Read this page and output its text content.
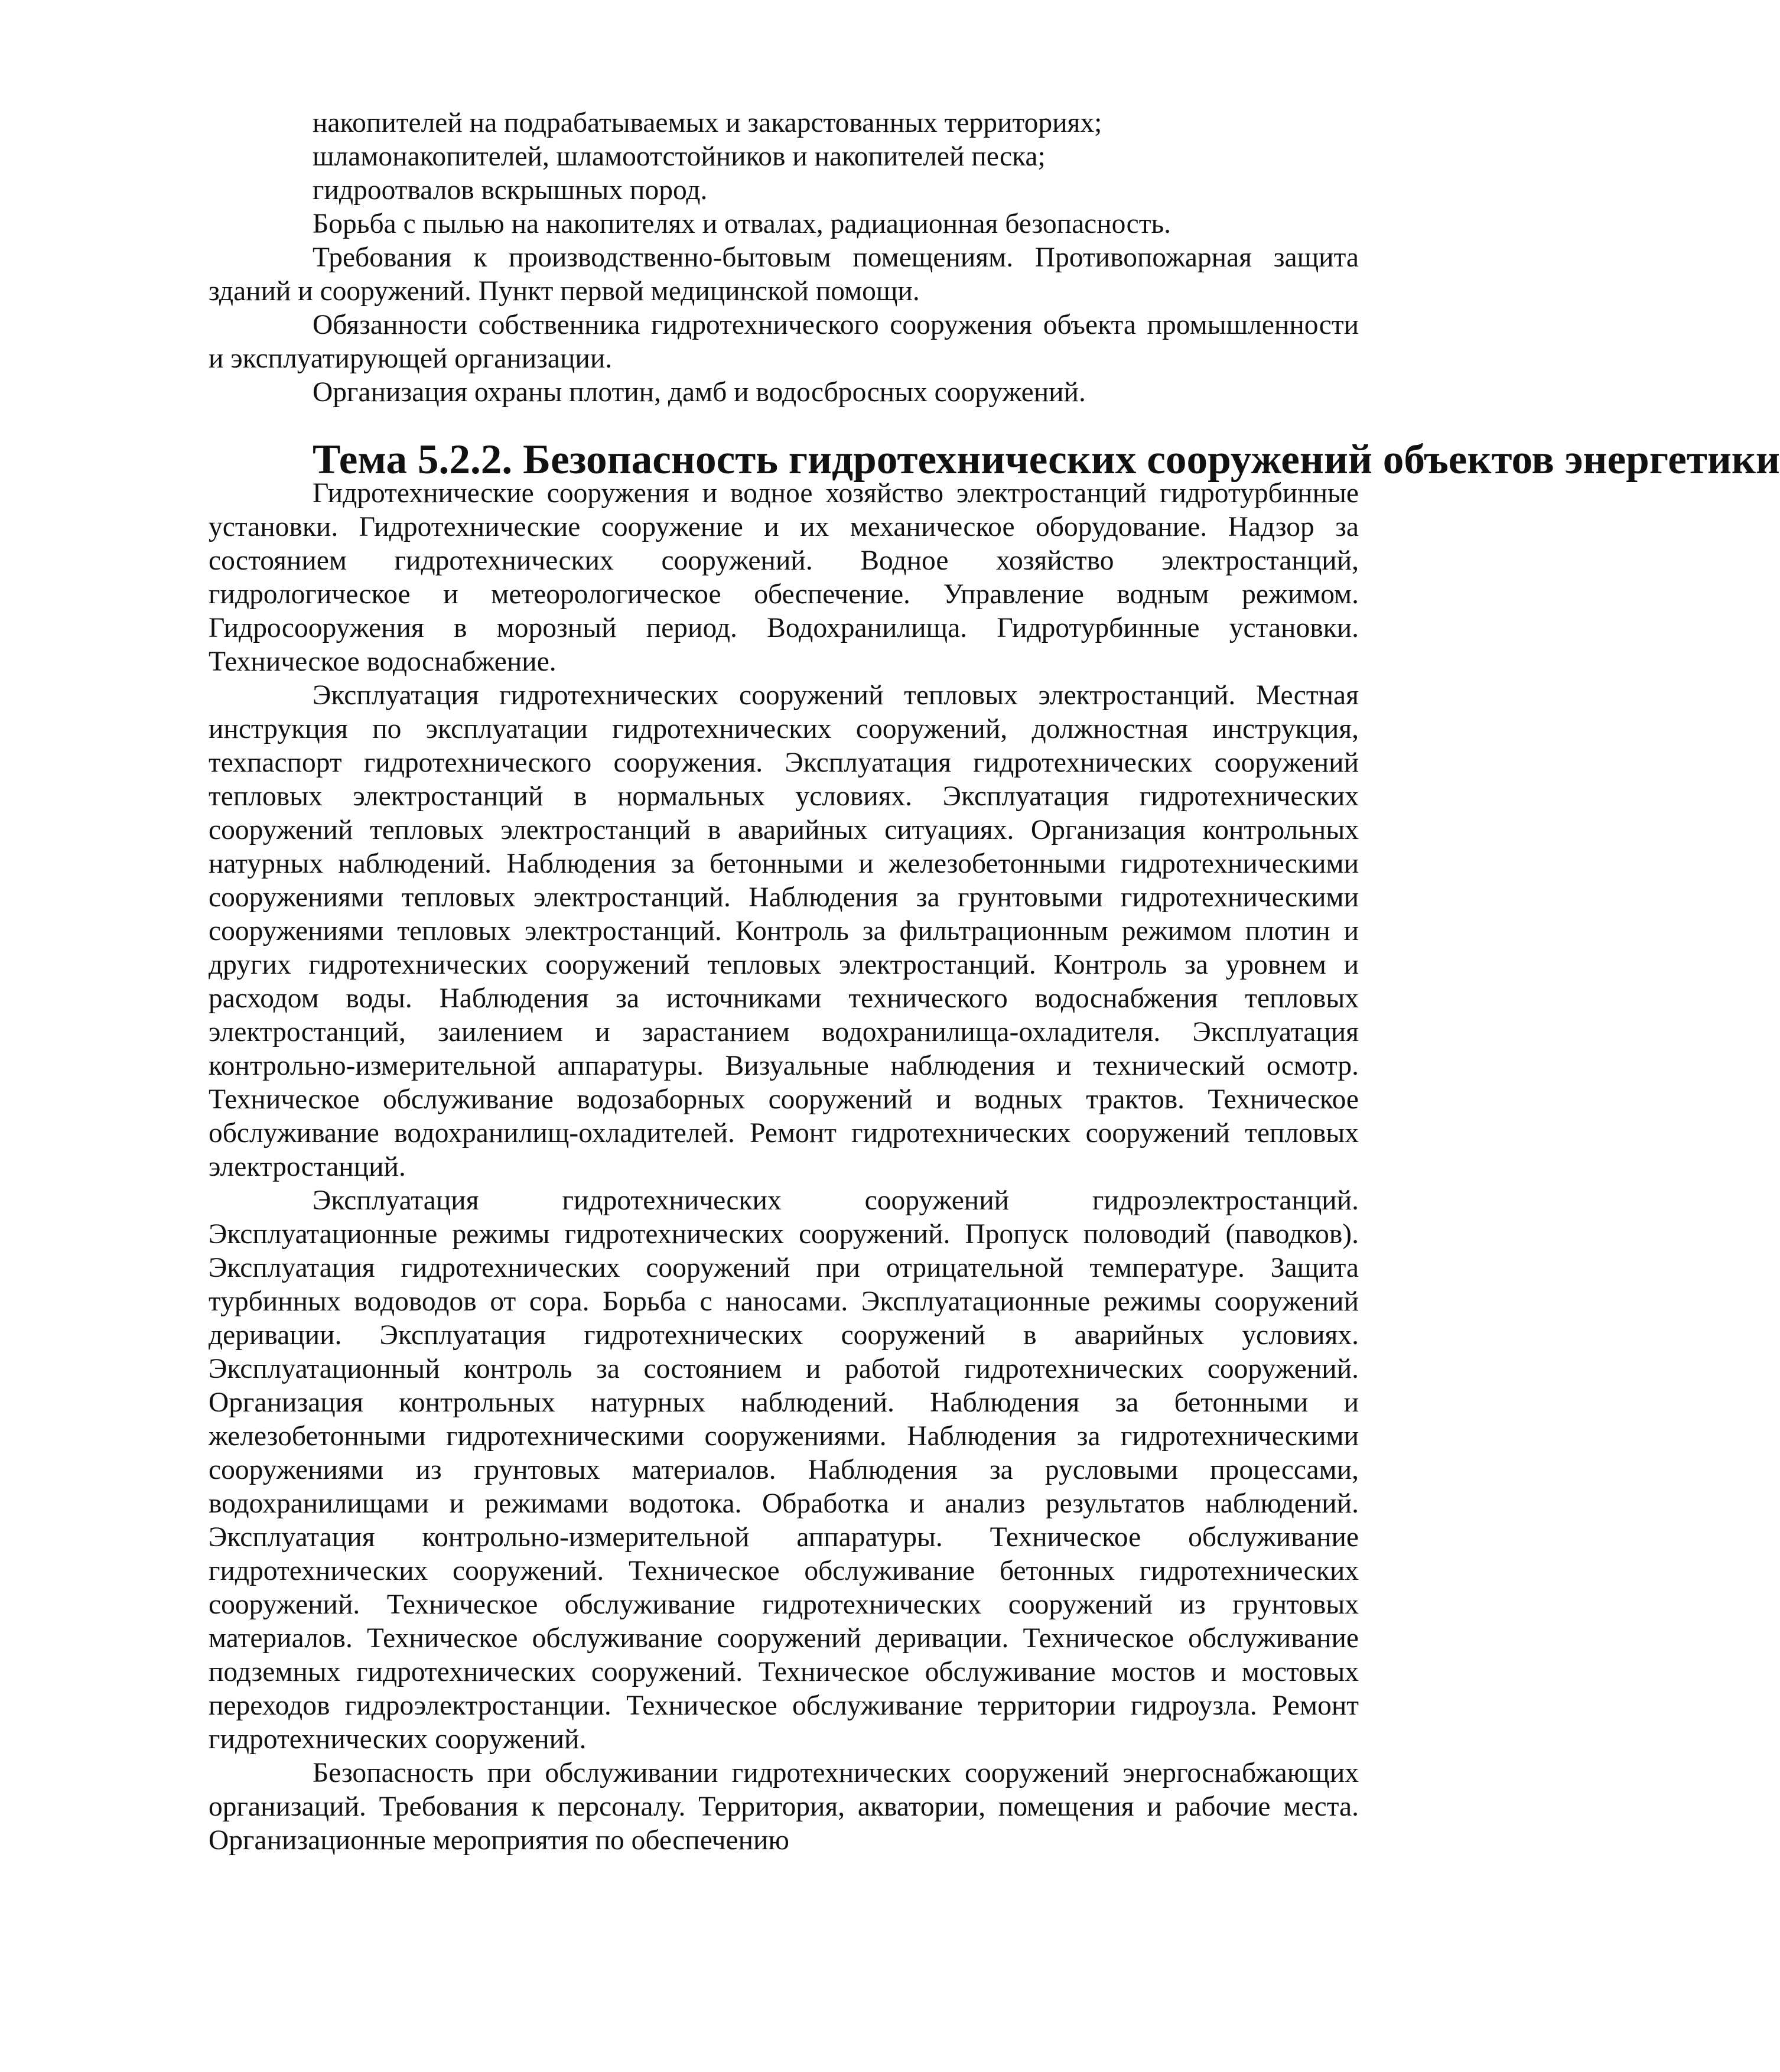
накопителей на подрабатываемых и закарстованных территориях;

шламонакопителей, шламоотстойников и накопителей песка;

гидроотвалов вскрышных пород.

Борьба с пылью на накопителях и отвалах, радиационная безопасность.

Требования к производственно-бытовым помещениям. Противопожарная защита зданий и сооружений. Пункт первой медицинской помощи.

Обязанности собственника гидротехнического сооружения объекта промышленности и эксплуатирующей организации.

Организация охраны плотин, дамб и водосбросных сооружений.

Тема 5.2.2. Безопасность гидротехнических сооружений объектов энергетики

Гидротехнические сооружения и водное хозяйство электростанций гидротурбинные установки. Гидротехнические сооружение и их механическое оборудование. Надзор за состоянием гидротехнических сооружений. Водное хозяйство электростанций, гидрологическое и метеорологическое обеспечение. Управление водным режимом. Гидросооружения в морозный период. Водохранилища. Гидротурбинные установки. Техническое водоснабжение.

Эксплуатация гидротехнических сооружений тепловых электростанций. Местная инструкция по эксплуатации гидротехнических сооружений, должностная инструкция, техпаспорт гидротехнического сооружения. Эксплуатация гидротехнических сооружений тепловых электростанций в нормальных условиях. Эксплуатация гидротехнических сооружений тепловых электростанций в аварийных ситуациях. Организация контрольных натурных наблюдений. Наблюдения за бетонными и железобетонными гидротехническими сооружениями тепловых электростанций. Наблюдения за грунтовыми гидротехническими сооружениями тепловых электростанций. Контроль за фильтрационным режимом плотин и других гидротехнических сооружений тепловых электростанций. Контроль за уровнем и расходом воды. Наблюдения за источниками технического водоснабжения тепловых электростанций, заилением и зарастанием водохранилища-охладителя. Эксплуатация контрольно-измерительной аппаратуры. Визуальные наблюдения и технический осмотр. Техническое обслуживание водозаборных сооружений и водных трактов. Техническое обслуживание водохранилищ-охладителей. Ремонт гидротехнических сооружений тепловых электростанций.

Эксплуатация гидротехнических сооружений гидроэлектростанций. Эксплуатационные режимы гидротехнических сооружений. Пропуск половодий (паводков). Эксплуатация гидротехнических сооружений при отрицательной температуре. Защита турбинных водоводов от сора. Борьба с наносами. Эксплуатационные режимы сооружений деривации. Эксплуатация гидротехнических сооружений в аварийных условиях. Эксплуатационный контроль за состоянием и работой гидротехнических сооружений. Организация контрольных натурных наблюдений. Наблюдения за бетонными и железобетонными гидротехническими сооружениями. Наблюдения за гидротехническими сооружениями из грунтовых материалов. Наблюдения за русловыми процессами, водохранилищами и режимами водотока. Обработка и анализ результатов наблюдений. Эксплуатация контрольно-измерительной аппаратуры. Техническое обслуживание гидротехнических сооружений. Техническое обслуживание бетонных гидротехнических сооружений. Техническое обслуживание гидротехнических сооружений из грунтовых материалов. Техническое обслуживание сооружений деривации. Техническое обслуживание подземных гидротехнических сооружений. Техническое обслуживание мостов и мостовых переходов гидроэлектростанции. Техническое обслуживание территории гидроузла. Ремонт гидротехнических сооружений.

Безопасность при обслуживании гидротехнических сооружений энергоснабжающих организаций. Требования к персоналу. Территория, акватории, помещения и рабочие места. Организационные мероприятия по обеспечению
